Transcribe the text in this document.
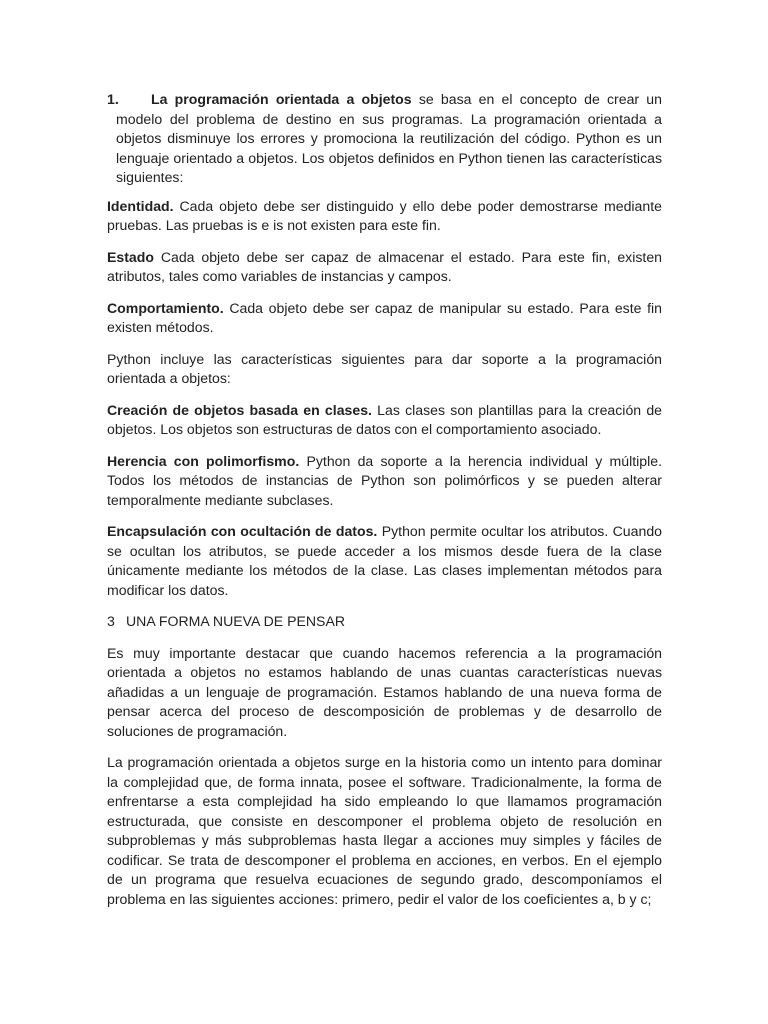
1. La programación orientada a objetos se basa en el concepto de crear un modelo del problema de destino en sus programas. La programación orientada a objetos disminuye los errores y promociona la reutilización del código. Python es un lenguaje orientado a objetos. Los objetos definidos en Python tienen las características siguientes:

Identidad. Cada objeto debe ser distinguido y ello debe poder demostrarse mediante pruebas. Las pruebas is e is not existen para este fin.

Estado Cada objeto debe ser capaz de almacenar el estado. Para este fin, existen atributos, tales como variables de instancias y campos.

Comportamiento. Cada objeto debe ser capaz de manipular su estado. Para este fin existen métodos.

Python incluye las características siguientes para dar soporte a la programación orientada a objetos:

Creación de objetos basada en clases. Las clases son plantillas para la creación de objetos. Los objetos son estructuras de datos con el comportamiento asociado.

Herencia con polimorfismo. Python da soporte a la herencia individual y múltiple. Todos los métodos de instancias de Python son polimórficos y se pueden alterar temporalmente mediante subclases.

Encapsulación con ocultación de datos. Python permite ocultar los atributos. Cuando se ocultan los atributos, se puede acceder a los mismos desde fuera de la clase únicamente mediante los métodos de la clase. Las clases implementan métodos para modificar los datos.

3 UNA FORMA NUEVA DE PENSAR

Es muy importante destacar que cuando hacemos referencia a la programación orientada a objetos no estamos hablando de unas cuantas características nuevas añadidas a un lenguaje de programación. Estamos hablando de una nueva forma de pensar acerca del proceso de descomposición de problemas y de desarrollo de soluciones de programación.

La programación orientada a objetos surge en la historia como un intento para dominar la complejidad que, de forma innata, posee el software. Tradicionalmente, la forma de enfrentarse a esta complejidad ha sido empleando lo que llamamos programación estructurada, que consiste en descomponer el problema objeto de resolución en subproblemas y más subproblemas hasta llegar a acciones muy simples y fáciles de codificar. Se trata de descomponer el problema en acciones, en verbos. En el ejemplo de un programa que resuelva ecuaciones de segundo grado, descomponíamos el problema en las siguientes acciones: primero, pedir el valor de los coeficientes a, b y c;
